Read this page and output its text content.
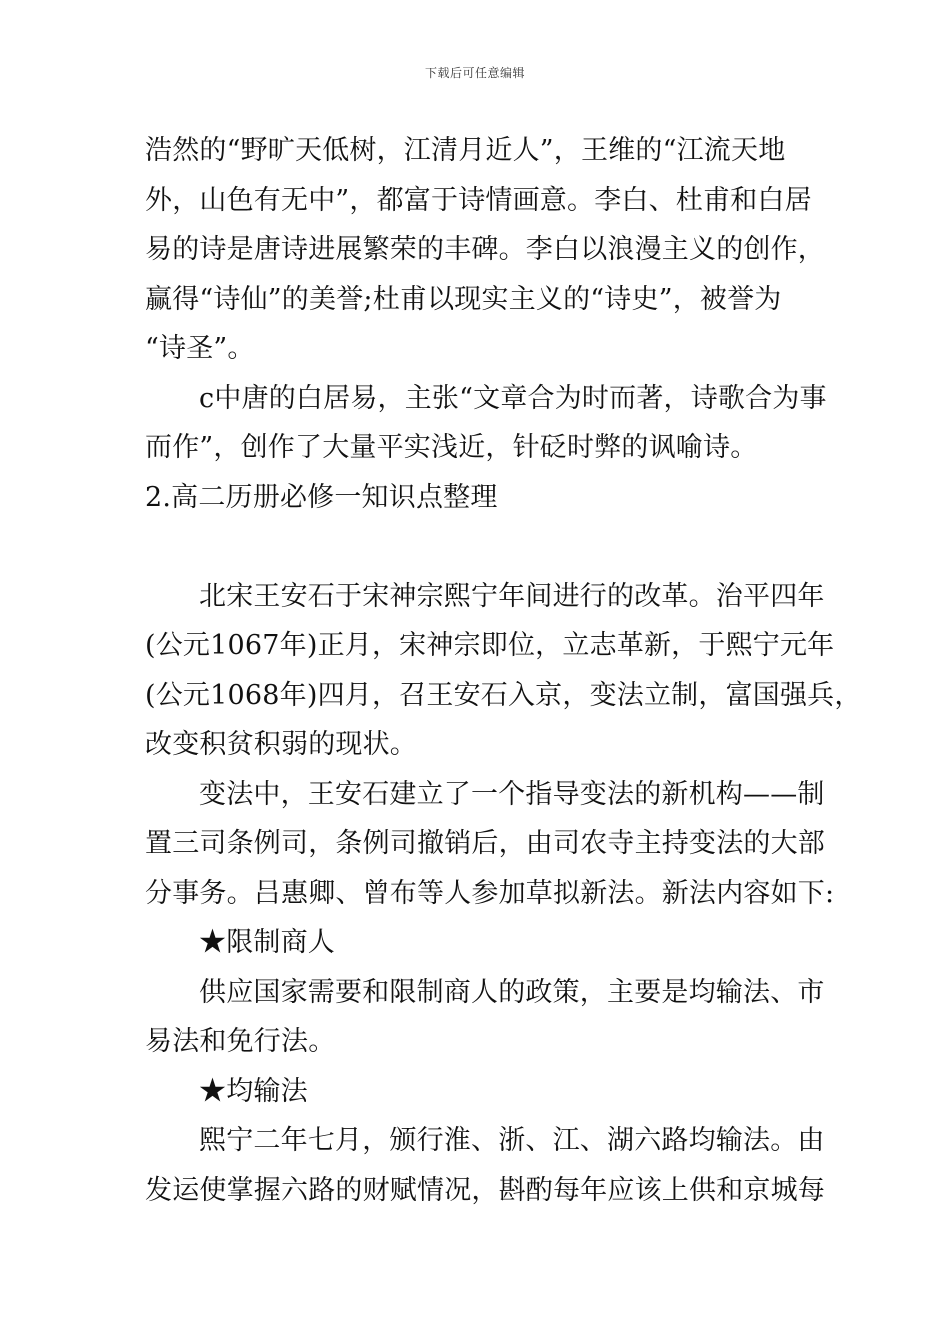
下载后可任意编辑
浩然的“野旷天低树，江清月近人”，王维的“江流天地
外，山色有无中”，都富于诗情画意。李白、杜甫和白居
易的诗是唐诗进展繁荣的丰碑。李白以浪漫主义的创作，
赢得“诗仙”的美誉;杜甫以现实主义的“诗史”，被誉为
“诗圣”。
c中唐的白居易，主张“文章合为时而著，诗歌合为事
而作”，创作了大量平实浅近，针砭时弊的讽喻诗。
2.高二历册必修一知识点整理
北宋王安石于宋神宗熙宁年间进行的改革。治平四年
(公元1067年)正月，宋神宗即位，立志革新，于熙宁元年
(公元1068年)四月，召王安石入京，变法立制，富国强兵，
改变积贫积弱的现状。
变法中，王安石建立了一个指导变法的新机构——制
置三司条例司，条例司撤销后，由司农寺主持变法的大部
分事务。吕惠卿、曾布等人参加草拟新法。新法内容如下:
★限制商人
供应国家需要和限制商人的政策，主要是均输法、市
易法和免行法。
★均输法
熙宁二年七月，颁行淮、浙、江、湖六路均输法。由
发运使掌握六路的财赋情况，斟酌每年应该上供和京城每
